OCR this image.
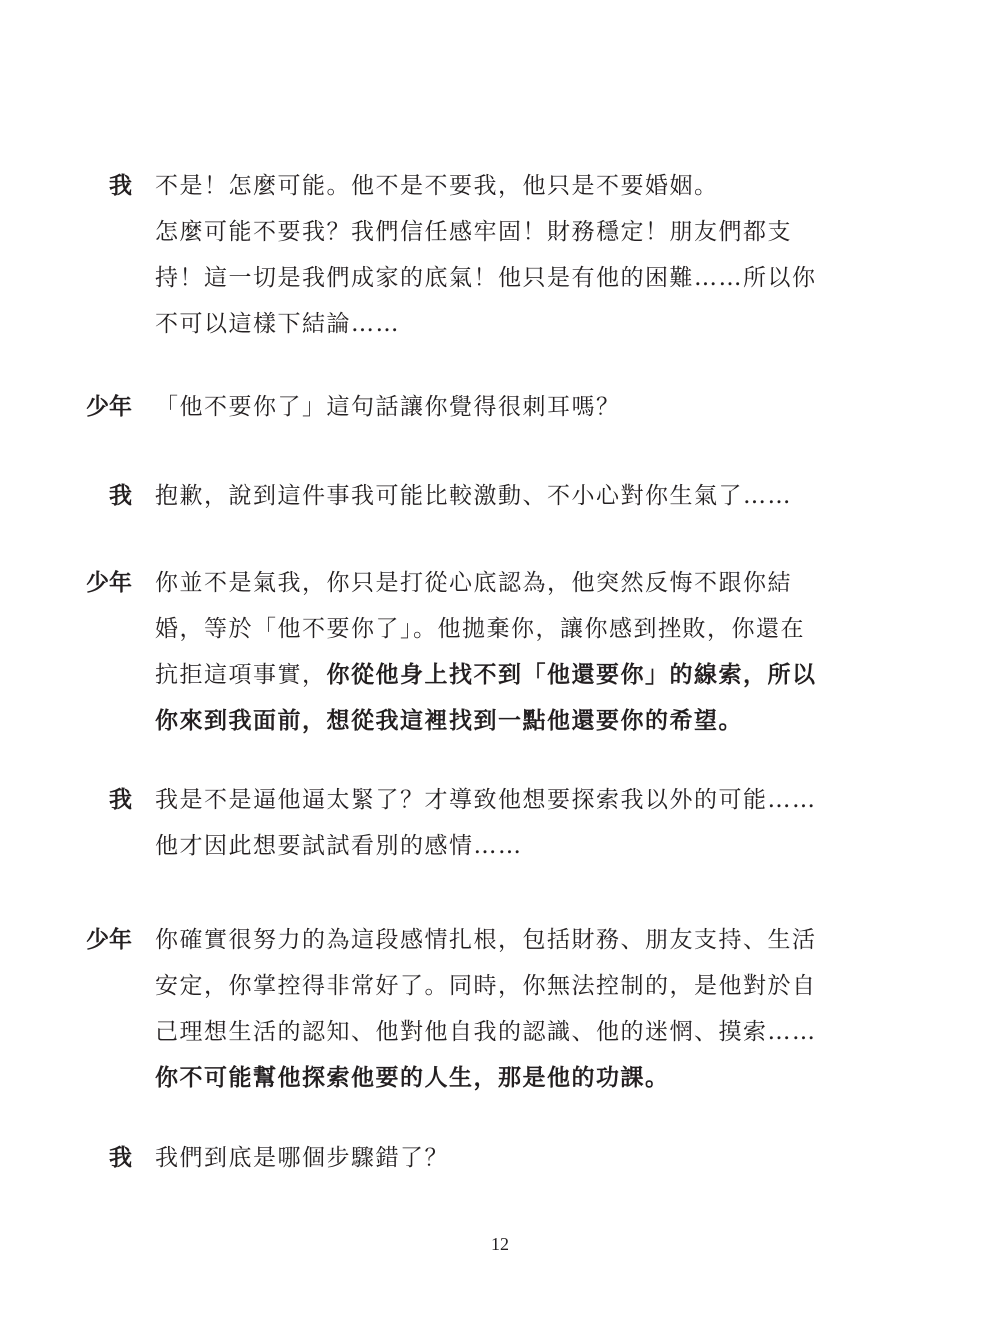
我 不是！怎麼可能。他不是不要我，他只是不要婚姻。
怎麼可能不要我？我們信任感牢固！財務穩定！朋友們都支
持！這一切是我們成家的底氣！他只是有他的困難……所以你
不可以這樣下結論……
少年 「他不要你了」這句話讓你覺得很刺耳嗎？
我 抱歉，說到這件事我可能比較激動、不小心對你生氣了……
少年 你並不是氣我，你只是打從心底認為，他突然反悔不跟你結
婚，等於「他不要你了」。他拋棄你，讓你感到挫敗，你還在
抗拒這項事實，你從他身上找不到「他還要你」的線索，所以
你來到我面前，想從我這裡找到一點他還要你的希望。
我 我是不是逼他逼太緊了？才導致他想要探索我以外的可能……
他才因此想要試試看別的感情……
少年 你確實很努力的為這段感情扎根，包括財務、朋友支持、生活
安定，你掌控得非常好了。同時，你無法控制的，是他對於自
己理想生活的認知、他對他自我的認識、他的迷惘、摸索……
你不可能幫他探索他要的人生，那是他的功課。
我 我們到底是哪個步驟錯了？
12
